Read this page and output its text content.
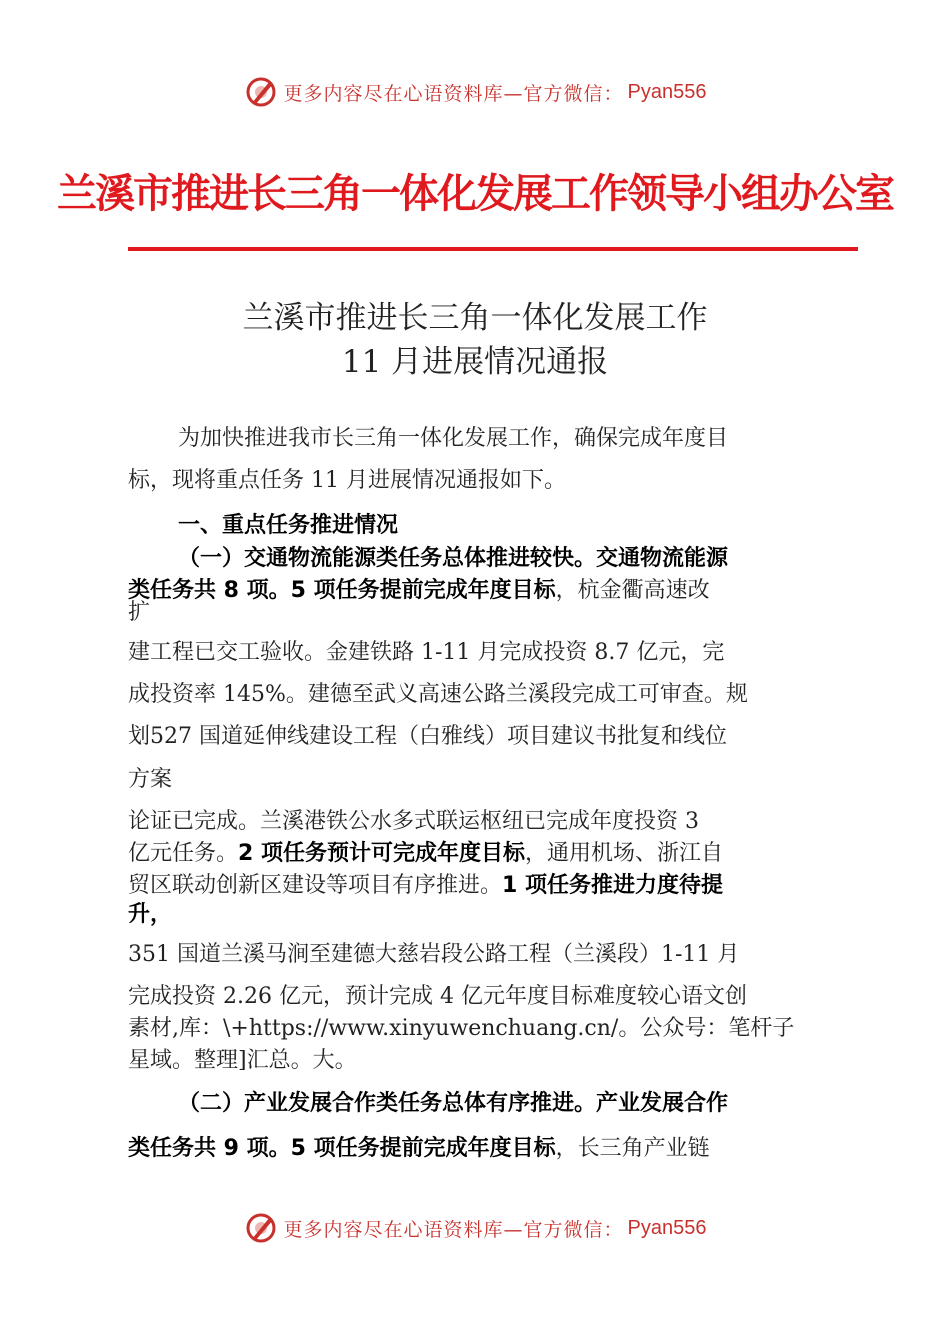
更多内容尽在心语资料库—官方微信： Pyan556
兰溪市推进长三角一体化发展工作领导小组办公室
兰溪市推进长三角一体化发展工作
11 月进展情况通报
为加快推进我市长三角一体化发展工作，确保完成年度目
标，现将重点任务 11 月进展情况通报如下。
一、重点任务推进情况
（一）交通物流能源类任务总体推进较快。交通物流能源
类任务共 8 项。5 项任务提前完成年度目标，杭金衢高速改
扩
建工程已交工验收。金建铁路 1-11 月完成投资 8.7 亿元，完
成投资率 145%。建德至武义高速公路兰溪段完成工可审查。规
划527 国道延伸线建设工程（白雅线）项目建议书批复和线位
方案
论证已完成。兰溪港铁公水多式联运枢纽已完成年度投资 3
亿元任务。2 项任务预计可完成年度目标，通用机场、浙江自
贸区联动创新区建设等项目有序推进。1 项任务推进力度待提
升，
351 国道兰溪马涧至建德大慈岩段公路工程（兰溪段）1-11 月
完成投资 2.26 亿元，预计完成 4 亿元年度目标难度较心语文创
素材,库：\+https://www.xinyuwenchuang.cn/。公众号：笔杆子
星域。整理]汇总。大。
（二）产业发展合作类任务总体有序推进。产业发展合作
类任务共 9 项。5 项任务提前完成年度目标，长三角产业链
更多内容尽在心语资料库—官方微信： Pyan556
